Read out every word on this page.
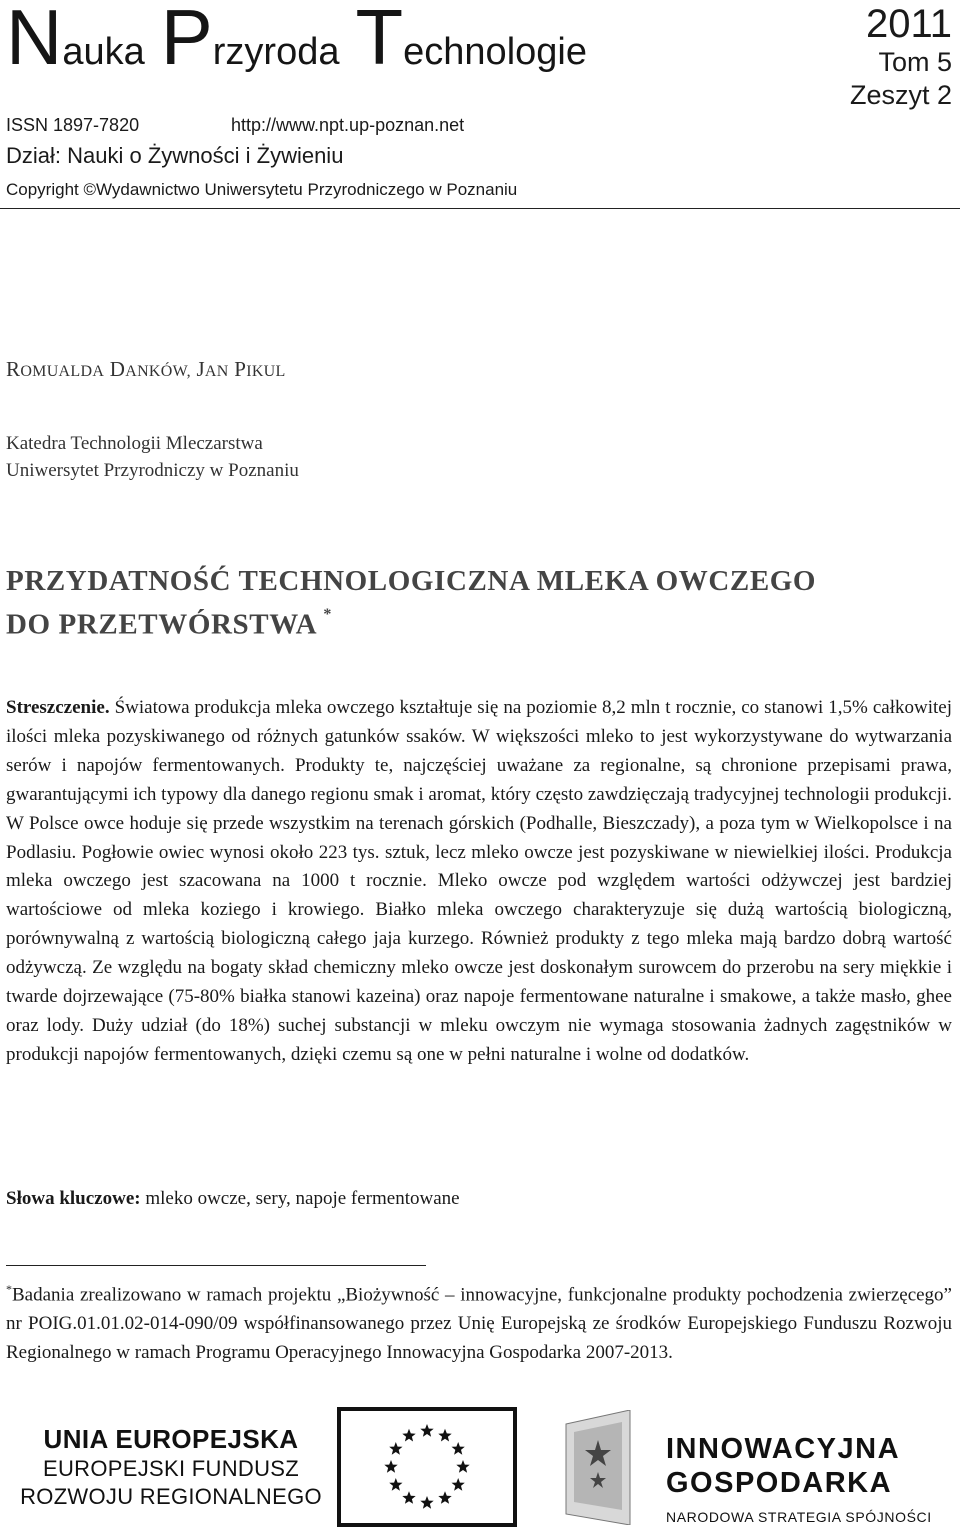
Nauka Przyroda Technologie
2011
Tom 5
Zeszyt 2
ISSN 1897-7820	http://www.npt.up-poznan.net
Dział: Nauki o Żywności i Żywieniu
Copyright ©Wydawnictwo Uniwersytetu Przyrodniczego w Poznaniu
ROMUALDA DANKÓW, JAN PIKUL
Katedra Technologii Mleczarstwa
Uniwersytet Przyrodniczy w Poznaniu
PRZYDATNOŚĆ TECHNOLOGICZNA MLEKA OWCZEGO
DO PRZETWÓRSTWA *
Streszczenie. Światowa produkcja mleka owczego kształtuje się na poziomie 8,2 mln t rocznie, co stanowi 1,5% całkowitej ilości mleka pozyskiwanego od różnych gatunków ssaków. W większości mleko to jest wykorzystywane do wytwarzania serów i napojów fermentowanych. Produkty te, najczęściej uważane za regionalne, są chronione przepisami prawa, gwarantującymi ich typowy dla danego regionu smak i aromat, który często zawdzięczają tradycyjnej technologii produkcji. W Polsce owce hoduje się przede wszystkim na terenach górskich (Podhalle, Bieszczady), a poza tym w Wielkopolsce i na Podlasiu. Pogłowie owiec wynosi około 223 tys. sztuk, lecz mleko owcze jest pozyskiwane w niewielkiej ilości. Produkcja mleka owczego jest szacowana na 1000 t rocznie. Mleko owcze pod względem wartości odżywczej jest bardziej wartościowe od mleka koziego i krowiego. Białko mleka owczego charakteryzuje się dużą wartością biologiczną, porównywalną z wartością biologiczną całego jaja kurzego. Również produkty z tego mleka mają bardzo dobrą wartość odżywczą. Ze względu na bogaty skład chemiczny mleko owcze jest doskonałym surowcem do przerobu na sery miękkie i twarde dojrzewające (75-80% białka stanowi kazeina) oraz napoje fermentowane naturalne i smakowe, a także masło, ghee oraz lody. Duży udział (do 18%) suchej substancji w mleku owczym nie wymaga stosowania żadnych zagęstników w produkcji napojów fermentowanych, dzięki czemu są one w pełni naturalne i wolne od dodatków.
Słowa kluczowe: mleko owcze, sery, napoje fermentowane
*Badania zrealizowano w ramach projektu „Biożywność – innowacyjne, funkcjonalne produkty pochodzenia zwierzęcego” nr POIG.01.01.02-014-090/09 współfinansowanego przez Unię Europejską ze środków Europejskiego Funduszu Rozwoju Regionalnego w ramach Programu Operacyjnego Innowacyjna Gospodarka 2007-2013.
UNIA EUROPEJSKA
EUROPEJSKI FUNDUSZ
ROZWOJU REGIONALNEGO
INNOWACYJNA
GOSPODARKA
NARODOWA STRATEGIA SPÓJNOŚCI
